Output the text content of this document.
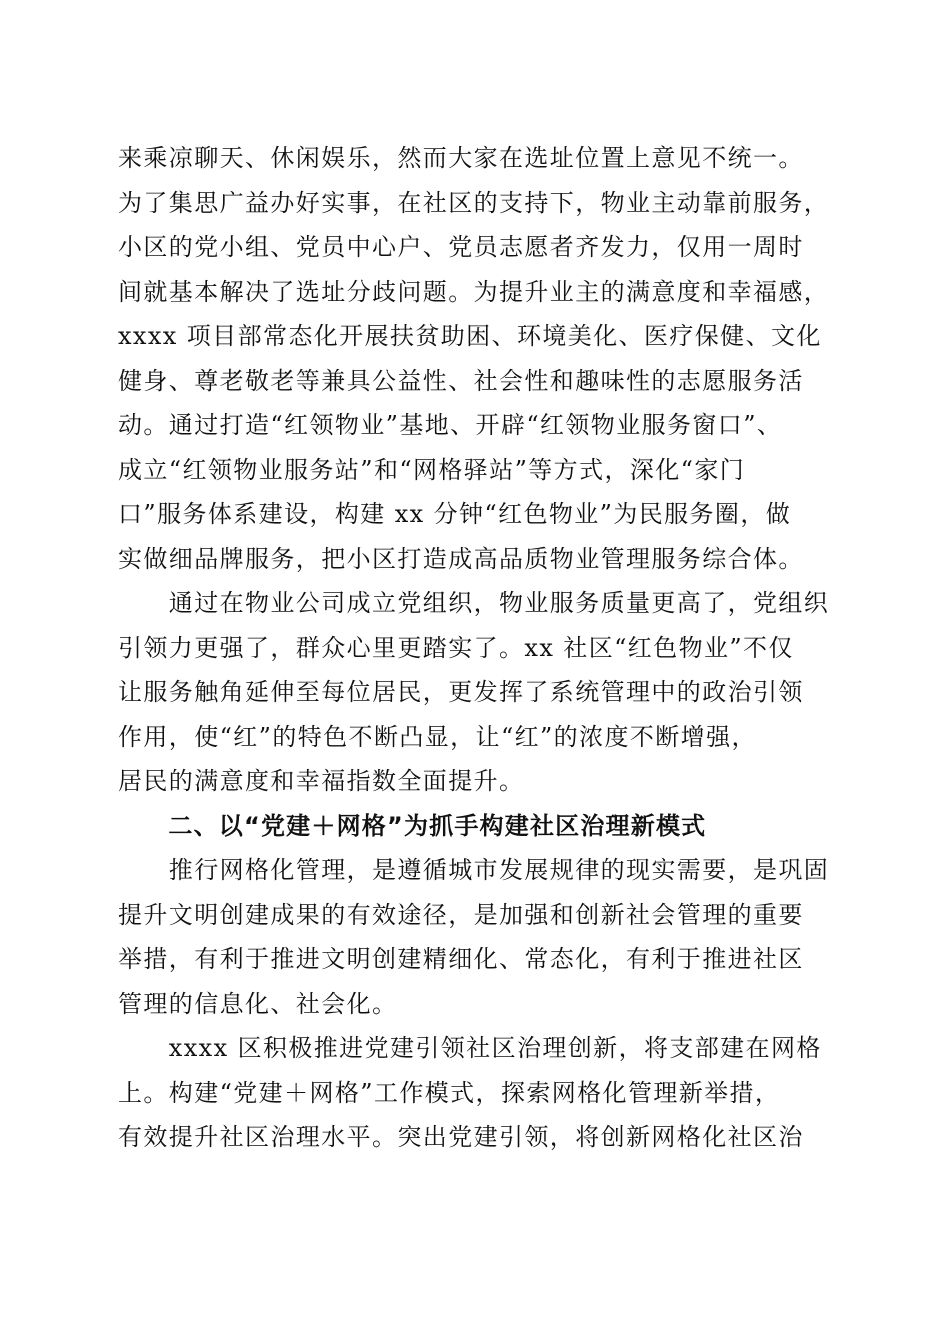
来乘凉聊天、休闲娱乐，然而大家在选址位置上意见不统一。
为了集思广益办好实事，在社区的支持下，物业主动靠前服务，
小区的党小组、党员中心户、党员志愿者齐发力，仅用一周时
间就基本解决了选址分歧问题。为提升业主的满意度和幸福感，
xxxx 项目部常态化开展扶贫助困、环境美化、医疗保健、文化
健身、尊老敬老等兼具公益性、社会性和趣味性的志愿服务活
动。通过打造“红领物业”基地、开辟“红领物业服务窗口”、
成立“红领物业服务站”和“网格驿站”等方式，深化“家门
口”服务体系建设，构建 xx 分钟“红色物业”为民服务圈，做
实做细品牌服务，把小区打造成高品质物业管理服务综合体。
　　通过在物业公司成立党组织，物业服务质量更高了，党组织
引领力更强了，群众心里更踏实了。xx 社区“红色物业”不仅
让服务触角延伸至每位居民，更发挥了系统管理中的政治引领
作用，使“红”的特色不断凸显，让“红”的浓度不断增强，
居民的满意度和幸福指数全面提升。
　　二、以“党建＋网格”为抓手构建社区治理新模式
　　推行网格化管理，是遵循城市发展规律的现实需要，是巩固
提升文明创建成果的有效途径，是加强和创新社会管理的重要
举措，有利于推进文明创建精细化、常态化，有利于推进社区
管理的信息化、社会化。
　　xxxx 区积极推进党建引领社区治理创新，将支部建在网格
上。构建“党建＋网格”工作模式，探索网格化管理新举措，
有效提升社区治理水平。突出党建引领，将创新网格化社区治
